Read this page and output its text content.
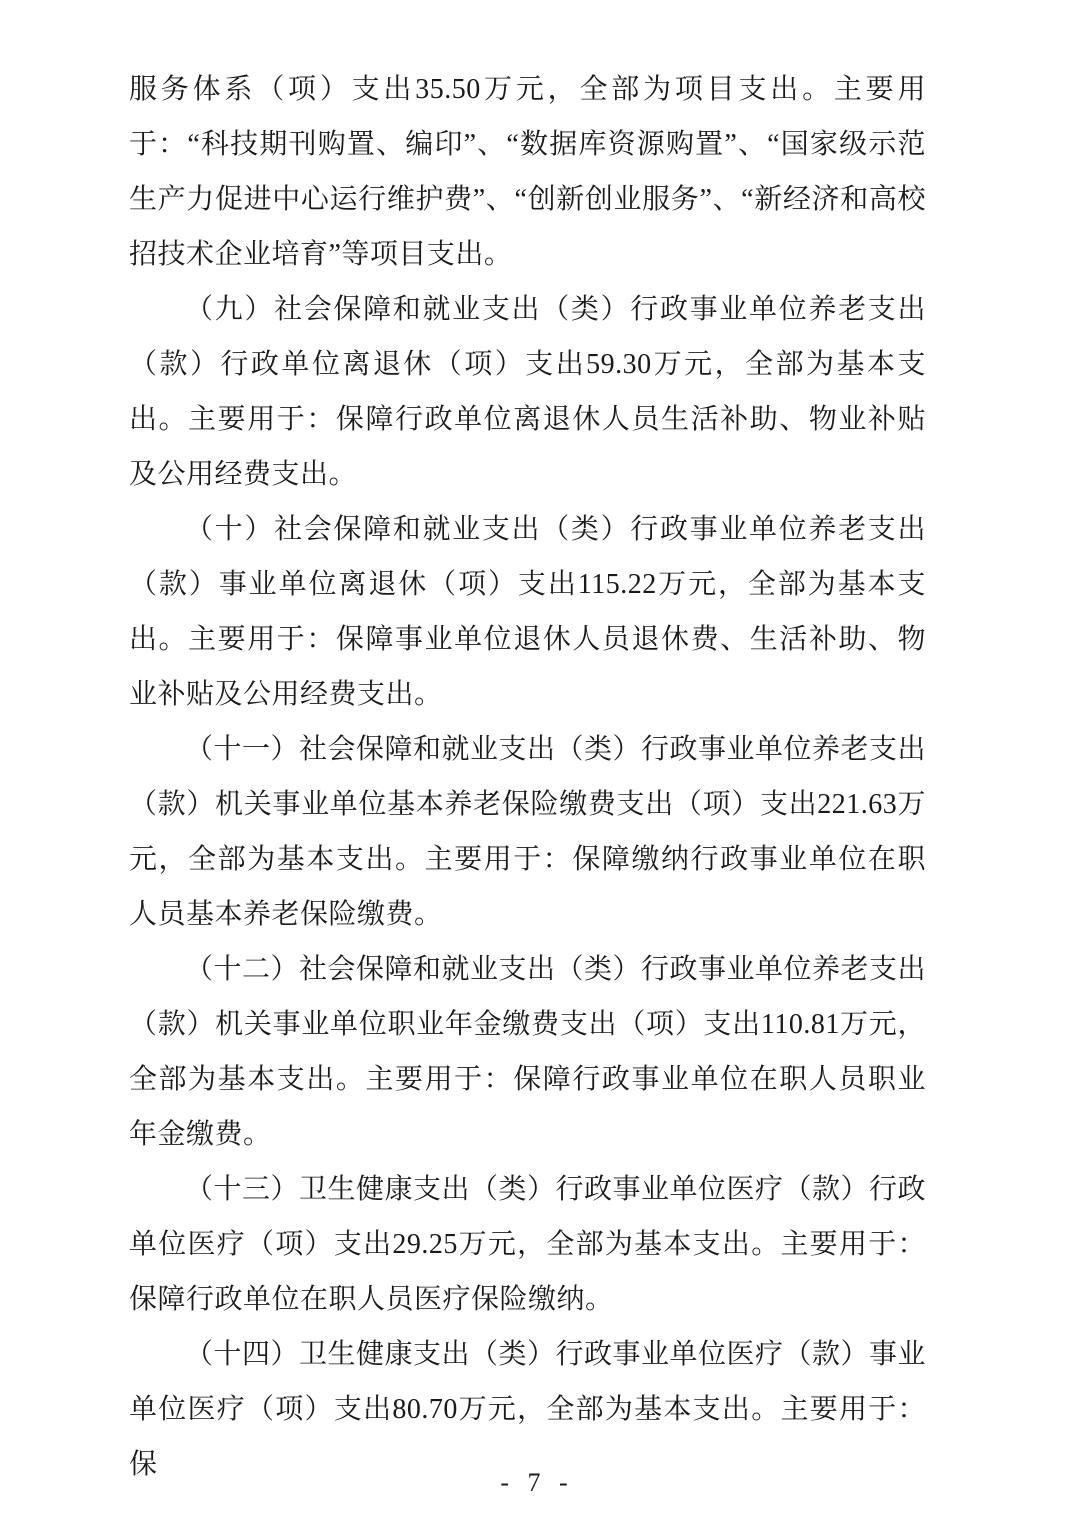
服务体系（项）支出35.50万元，全部为项目支出。主要用于：“科技期刊购置、编印”、“数据库资源购置”、“国家级示范生产力促进中心运行维护费”、“创新创业服务”、“新经济和高校招技术企业培育”等项目支出。

（九）社会保障和就业支出（类）行政事业单位养老支出（款）行政单位离退休（项）支出59.30万元，全部为基本支出。主要用于：保障行政单位离退休人员生活补助、物业补贴及公用经费支出。

（十）社会保障和就业支出（类）行政事业单位养老支出（款）事业单位离退休（项）支出115.22万元，全部为基本支出。主要用于：保障事业单位退休人员退休费、生活补助、物业补贴及公用经费支出。

（十一）社会保障和就业支出（类）行政事业单位养老支出（款）机关事业单位基本养老保险缴费支出（项）支出221.63万元，全部为基本支出。主要用于：保障缴纳行政事业单位在职人员基本养老保险缴费。

（十二）社会保障和就业支出（类）行政事业单位养老支出（款）机关事业单位职业年金缴费支出（项）支出110.81万元，全部为基本支出。主要用于：保障行政事业单位在职人员职业年金缴费。

（十三）卫生健康支出（类）行政事业单位医疗（款）行政单位医疗（项）支出29.25万元，全部为基本支出。主要用于：保障行政单位在职人员医疗保险缴纳。

（十四）卫生健康支出（类）行政事业单位医疗（款）事业单位医疗（项）支出80.70万元，全部为基本支出。主要用于：保

- 7 -
